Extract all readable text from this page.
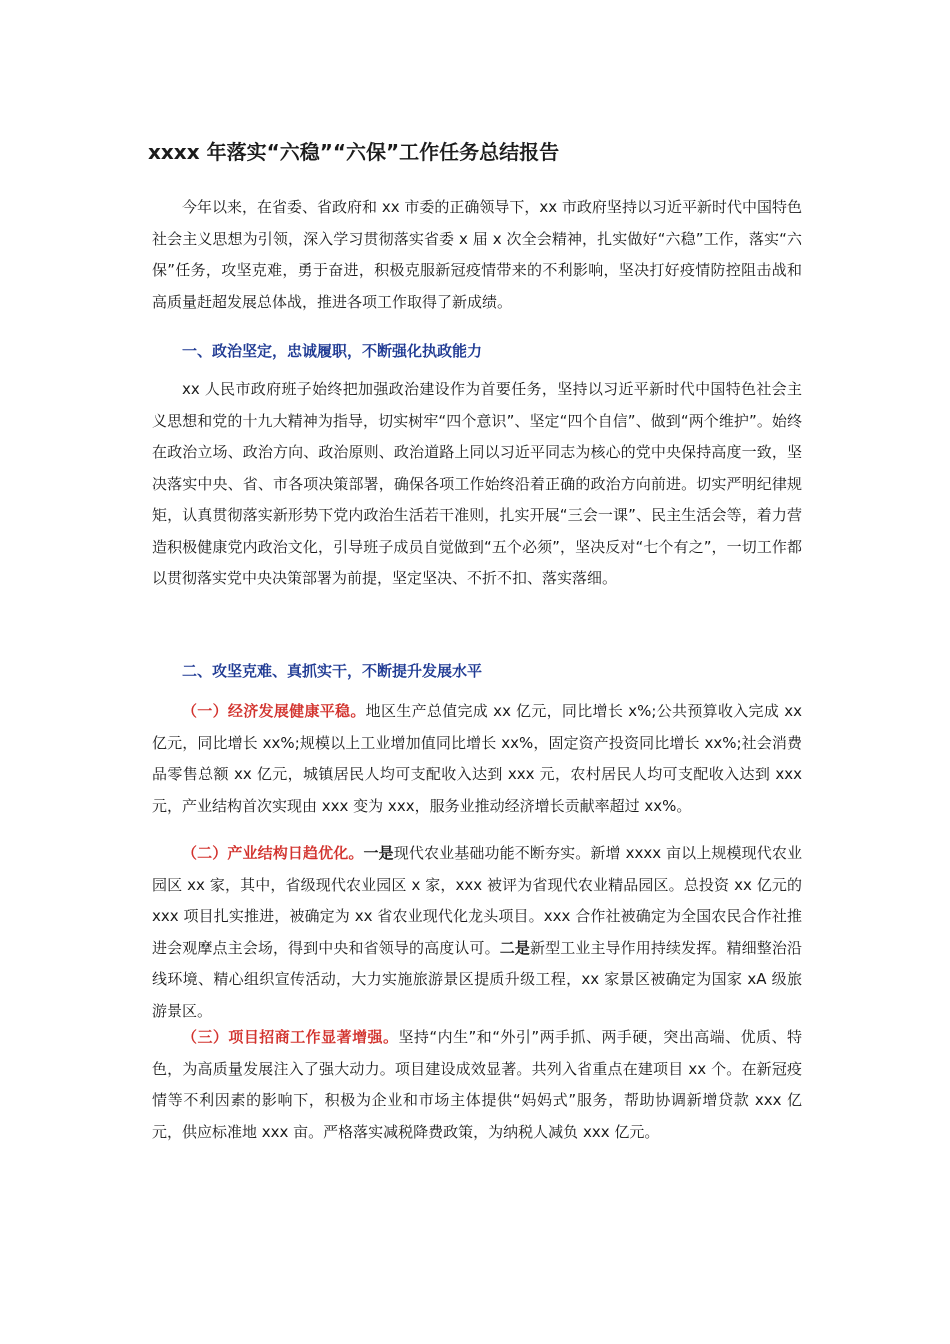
xxxx 年落实“六稳”“六保”工作任务总结报告

今年以来，在省委、省政府和 xx 市委的正确领导下，xx 市政府坚持以习近平新时代中国特色社会主义思想为引领，深入学习贯彻落实省委 x 届 x 次全会精神，扎实做好“六稳”工作，落实“六保”任务，攻坚克难，勇于奋进，积极克服新冠疫情带来的不利影响，坚决打好疫情防控阻击战和高质量赶超发展总体战，推进各项工作取得了新成绩。

一、政治坚定，忠诚履职，不断强化执政能力

xx 人民市政府班子始终把加强政治建设作为首要任务，坚持以习近平新时代中国特色社会主义思想和党的十九大精神为指导，切实树牢“四个意识”、坚定“四个自信”、做到“两个维护”。始终在政治立场、政治方向、政治原则、政治道路上同以习近平同志为核心的党中央保持高度一致，坚决落实中央、省、市各项决策部署，确保各项工作始终沿着正确的政治方向前进。切实严明纪律规矩，认真贯彻落实新形势下党内政治生活若干准则，扎实开展“三会一课”、民主生活会等，着力营造积极健康党内政治文化，引导班子成员自觉做到“五个必须”，坚决反对“七个有之”，一切工作都以贯彻落实党中央决策部署为前提，坚定坚决、不折不扣、落实落细。

二、攻坚克难、真抓实干，不断提升发展水平

（一）经济发展健康平稳。地区生产总值完成 xx 亿元，同比增长 x%;公共预算收入完成 xx 亿元，同比增长 xx%;规模以上工业增加值同比增长 xx%，固定资产投资同比增长 xx%;社会消费品零售总额 xx 亿元，城镇居民人均可支配收入达到 xxx 元，农村居民人均可支配收入达到 xxx 元，产业结构首次实现由 xxx 变为 xxx，服务业推动经济增长贡献率超过 xx%。

（二）产业结构日趋优化。一是现代农业基础功能不断夯实。新增 xxxx 亩以上规模现代农业园区 xx 家，其中，省级现代农业园区 x 家，xxx 被评为省现代农业精品园区。总投资 xx 亿元的 xxx 项目扎实推进，被确定为 xx 省农业现代化龙头项目。xxx 合作社被确定为全国农民合作社推进会观摩点主会场，得到中央和省领导的高度认可。二是新型工业主导作用持续发挥。精细整治沿线环境、精心组织宣传活动，大力实施旅游景区提质升级工程，xx 家景区被确定为国家 xA 级旅游景区。

（三）项目招商工作显著增强。坚持“内生”和“外引”两手抓、两手硬，突出高端、优质、特色，为高质量发展注入了强大动力。项目建设成效显著。共列入省重点在建项目 xx 个。在新冠疫情等不利因素的影响下，积极为企业和市场主体提供“妈妈式”服务，帮助协调新增贷款 xxx 亿元，供应标准地 xxx 亩。严格落实减税降费政策，为纳税人减负 xxx 亿元。
